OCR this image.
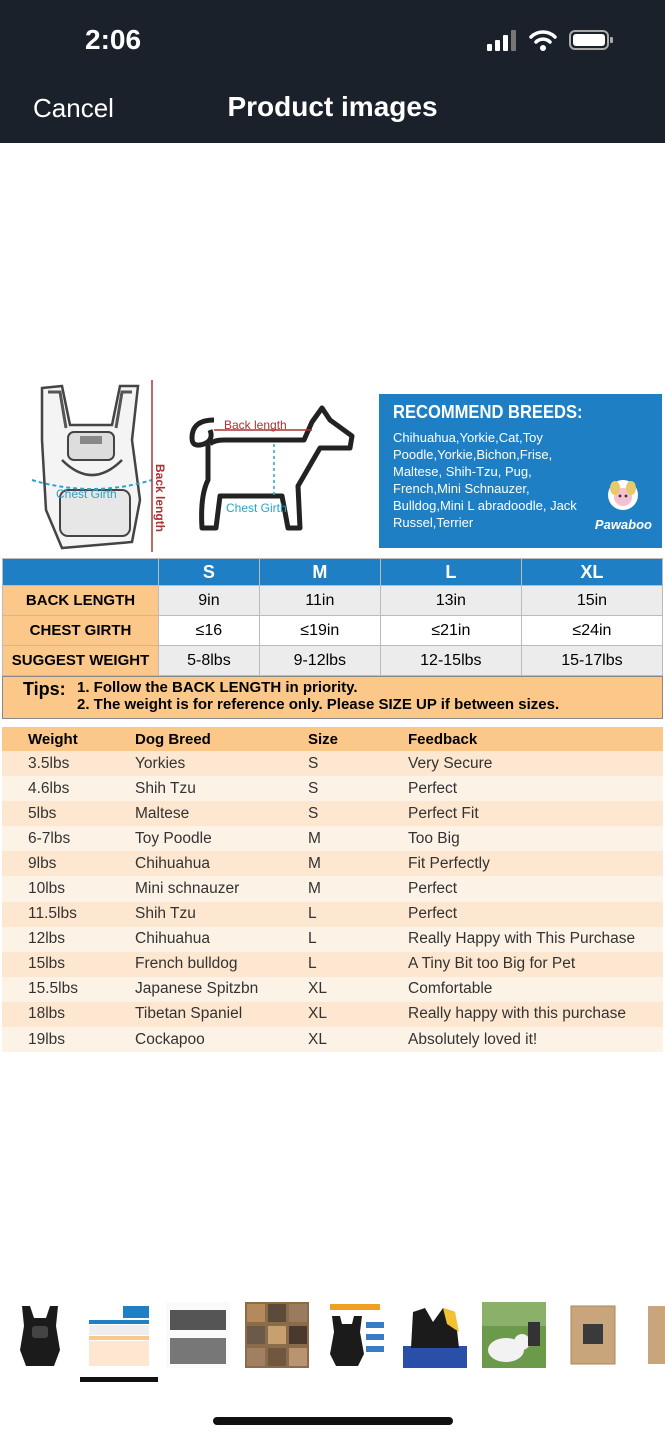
2:06
Cancel	Product images
Chest Girth	Back length
Back length
Chest Girth
RECOMMEND BREEDS:
Chihuahua,Yorkie,Cat,Toy Poodle,Yorkie,Bichon,Frise, Maltese, Shih-Tzu, Pug, French,Mini Schnauzer, Bulldog,Mini L abradoodle, Jack Russel,Terrier	Pawaboo
	S	M	L	XL
BACK LENGTH	9in	11in	13in	15in
CHEST GIRTH	≤16	≤19in	≤21in	≤24in
SUGGEST WEIGHT	5-8lbs	9-12lbs	12-15lbs	15-17lbs
Tips: 1. Follow the BACK LENGTH in priority.
2. The weight is for reference only. Please SIZE UP if between sizes.
Weight	Dog Breed	Size	Feedback
3.5lbs	Yorkies	S	Very Secure
4.6lbs	Shih Tzu	S	Perfect
5lbs	Maltese	S	Perfect Fit
6-7lbs	Toy Poodle	M	Too Big
9lbs	Chihuahua	M	Fit Perfectly
10lbs	Mini schnauzer	M	Perfect
11.5lbs	Shih Tzu	L	Perfect
12lbs	Chihuahua	L	Really Happy with This Purchase
15lbs	French bulldog	L	A Tiny Bit too Big for Pet
15.5lbs	Japanese Spitzbn	XL	Comfortable
18lbs	Tibetan Spaniel	XL	Really happy with this purchase
19lbs	Cockapoo	XL	Absolutely loved it!
